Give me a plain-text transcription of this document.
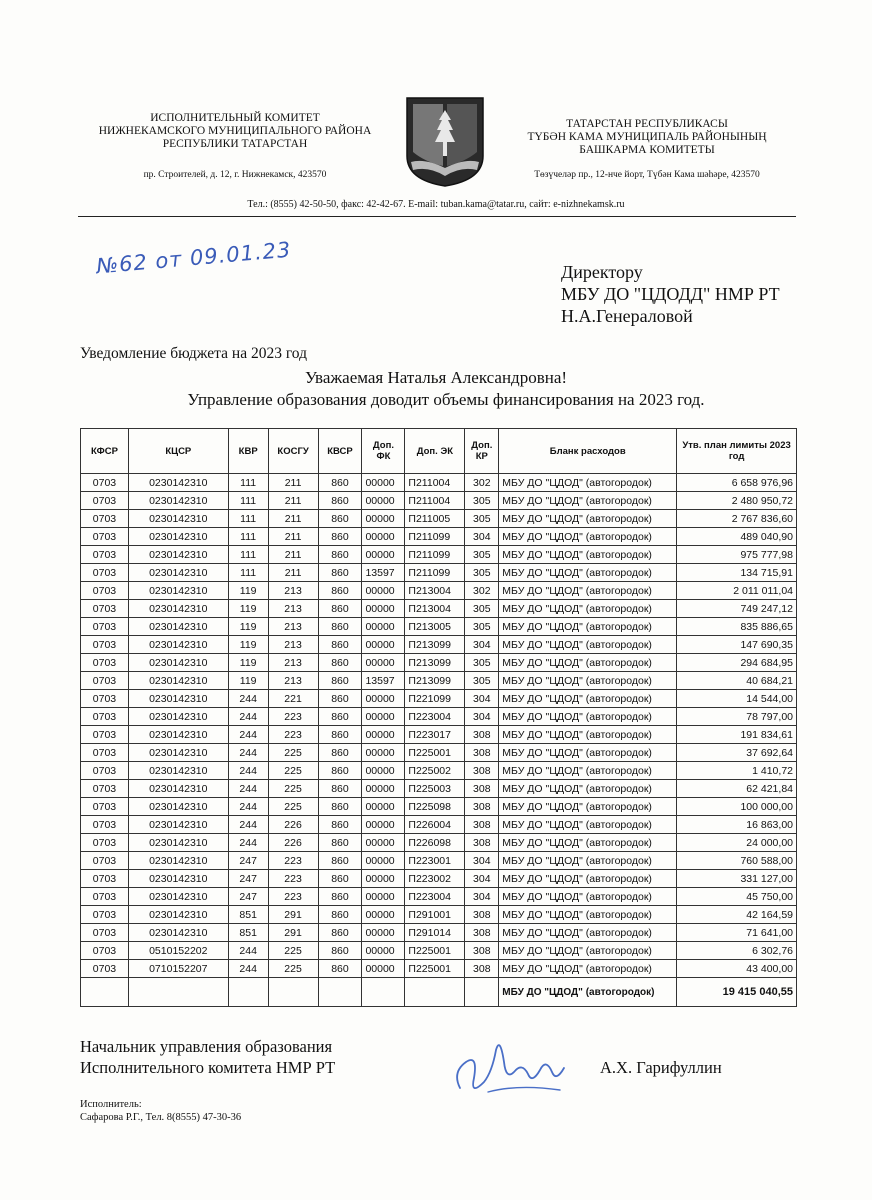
ИСПОЛНИТЕЛЬНЫЙ КОМИТЕТ
НИЖНЕКАМСКОГО МУНИЦИПАЛЬНОГО РАЙОНА
РЕСПУБЛИКИ ТАТАРСТАН
пр. Строителей, д. 12, г. Нижнекамск, 423570
ТАТАРСТАН РЕСПУБЛИКАСЫ
ТҮБӘН КАМА МУНИЦИПАЛЬ РАЙОНЫНЫҢ
БАШКАРМА КОМИТЕТЫ
Төзүчеләр пр., 12-нче йорт, Түбән Кама шәһәре, 423570
Тел.: (8555) 42-50-50, факс: 42-42-67. E-mail: tuban.kama@tatar.ru, сайт: e-nizhnekamsk.ru
№62 от 09.01.23	Директору
МБУ ДО "ЦДОДД" НМР РТ
Н.А.Генераловой
Уведомление бюджета на 2023 год
Уважаемая Наталья Александровна!
Управление образования доводит объемы финансирования на 2023 год.
КФСР	КЦСР	КВР	КОСГУ	КВСР	Доп. ФК	Доп. ЭК	Доп. КР	Бланк расходов	Утв. план лимиты 2023 год
0703	0230142310	111	211	860	00000	П211004	302	МБУ ДО "ЦДОД" (автогородок)	6 658 976,96
0703	0230142310	111	211	860	00000	П211004	305	МБУ ДО "ЦДОД" (автогородок)	2 480 950,72
0703	0230142310	111	211	860	00000	П211005	305	МБУ ДО "ЦДОД" (автогородок)	2 767 836,60
0703	0230142310	111	211	860	00000	П211099	304	МБУ ДО "ЦДОД" (автогородок)	489 040,90
0703	0230142310	111	211	860	00000	П211099	305	МБУ ДО "ЦДОД" (автогородок)	975 777,98
0703	0230142310	111	211	860	13597	П211099	305	МБУ ДО "ЦДОД" (автогородок)	134 715,91
0703	0230142310	119	213	860	00000	П213004	302	МБУ ДО "ЦДОД" (автогородок)	2 011 011,04
0703	0230142310	119	213	860	00000	П213004	305	МБУ ДО "ЦДОД" (автогородок)	749 247,12
0703	0230142310	119	213	860	00000	П213005	305	МБУ ДО "ЦДОД" (автогородок)	835 886,65
0703	0230142310	119	213	860	00000	П213099	304	МБУ ДО "ЦДОД" (автогородок)	147 690,35
0703	0230142310	119	213	860	00000	П213099	305	МБУ ДО "ЦДОД" (автогородок)	294 684,95
0703	0230142310	119	213	860	13597	П213099	305	МБУ ДО "ЦДОД" (автогородок)	40 684,21
0703	0230142310	244	221	860	00000	П221099	304	МБУ ДО "ЦДОД" (автогородок)	14 544,00
0703	0230142310	244	223	860	00000	П223004	304	МБУ ДО "ЦДОД" (автогородок)	78 797,00
0703	0230142310	244	223	860	00000	П223017	308	МБУ ДО "ЦДОД" (автогородок)	191 834,61
0703	0230142310	244	225	860	00000	П225001	308	МБУ ДО "ЦДОД" (автогородок)	37 692,64
0703	0230142310	244	225	860	00000	П225002	308	МБУ ДО "ЦДОД" (автогородок)	1 410,72
0703	0230142310	244	225	860	00000	П225003	308	МБУ ДО "ЦДОД" (автогородок)	62 421,84
0703	0230142310	244	225	860	00000	П225098	308	МБУ ДО "ЦДОД" (автогородок)	100 000,00
0703	0230142310	244	226	860	00000	П226004	308	МБУ ДО "ЦДОД" (автогородок)	16 863,00
0703	0230142310	244	226	860	00000	П226098	308	МБУ ДО "ЦДОД" (автогородок)	24 000,00
0703	0230142310	247	223	860	00000	П223001	304	МБУ ДО "ЦДОД" (автогородок)	760 588,00
0703	0230142310	247	223	860	00000	П223002	304	МБУ ДО "ЦДОД" (автогородок)	331 127,00
0703	0230142310	247	223	860	00000	П223004	304	МБУ ДО "ЦДОД" (автогородок)	45 750,00
0703	0230142310	851	291	860	00000	П291001	308	МБУ ДО "ЦДОД" (автогородок)	42 164,59
0703	0230142310	851	291	860	00000	П291014	308	МБУ ДО "ЦДОД" (автогородок)	71 641,00
0703	0510152202	244	225	860	00000	П225001	308	МБУ ДО "ЦДОД" (автогородок)	6 302,76
0703	0710152207	244	225	860	00000	П225001	308	МБУ ДО "ЦДОД" (автогородок)	43 400,00
								МБУ ДО "ЦДОД" (автогородок)	19 415 040,55
Начальник управления образования
Исполнительного комитета НМР РТ	А.Х. Гарифуллин
Исполнитель:
Сафарова Р.Г., Тел. 8(8555) 47-30-36
